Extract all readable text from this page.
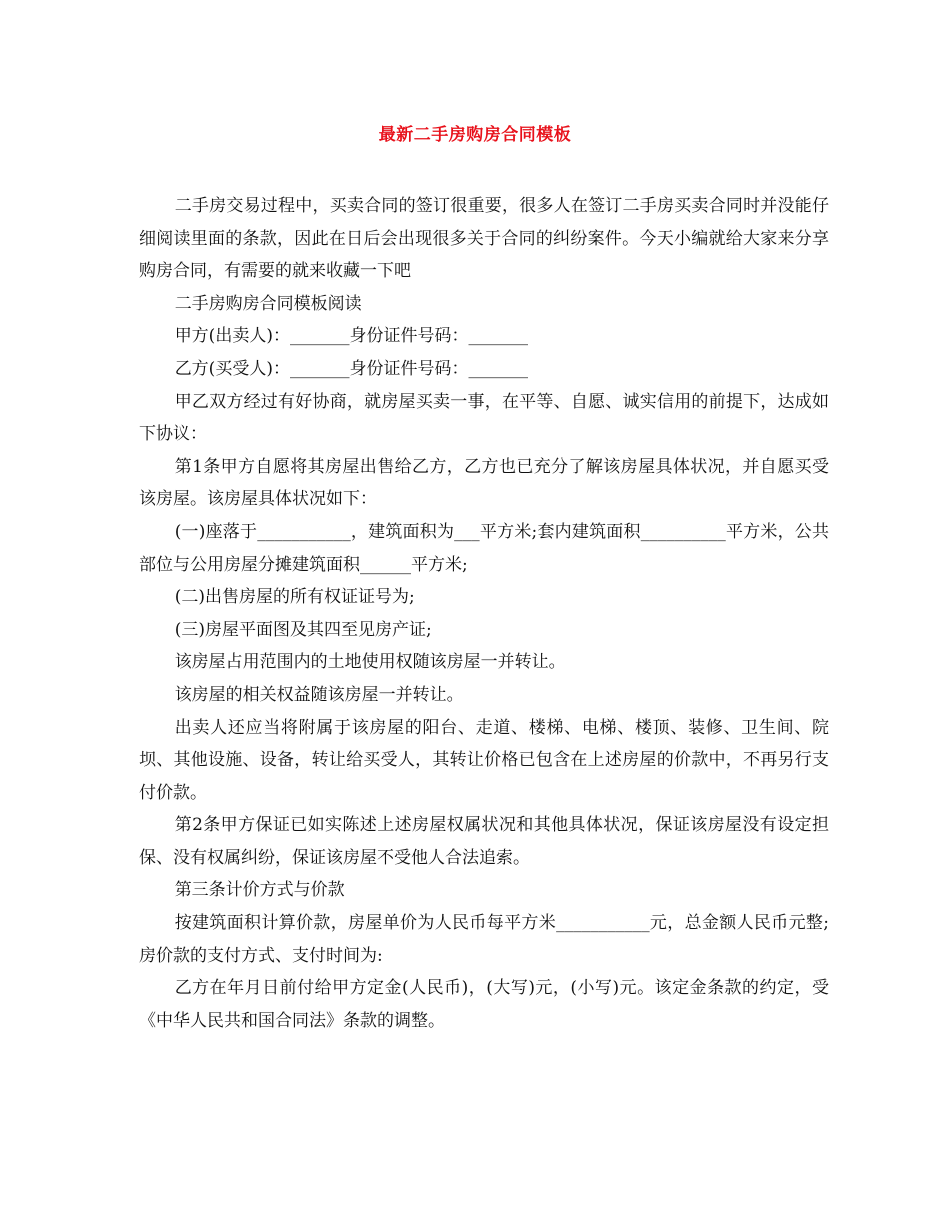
最新二手房购房合同模板

二手房交易过程中，买卖合同的签订很重要，很多人在签订二手房买卖合同时并没能仔细阅读里面的条款，因此在日后会出现很多关于合同的纠纷案件。今天小编就给大家来分享购房合同，有需要的就来收藏一下吧

二手房购房合同模板阅读

甲方(出卖人)：_______身份证件号码：_______

乙方(买受人)：_______身份证件号码：_______

甲乙双方经过有好协商，就房屋买卖一事，在平等、自愿、诚实信用的前提下，达成如下协议：

第1条甲方自愿将其房屋出售给乙方，乙方也已充分了解该房屋具体状况，并自愿买受该房屋。该房屋具体状况如下：

(一)座落于___________，建筑面积为___平方米;套内建筑面积__________平方米，公共部位与公用房屋分摊建筑面积______平方米;

(二)出售房屋的所有权证证号为;

(三)房屋平面图及其四至见房产证;

该房屋占用范围内的土地使用权随该房屋一并转让。

该房屋的相关权益随该房屋一并转让。

出卖人还应当将附属于该房屋的阳台、走道、楼梯、电梯、楼顶、装修、卫生间、院坝、其他设施、设备，转让给买受人，其转让价格已包含在上述房屋的价款中，不再另行支付价款。

第2条甲方保证已如实陈述上述房屋权属状况和其他具体状况，保证该房屋没有设定担保、没有权属纠纷，保证该房屋不受他人合法追索。

第三条计价方式与价款

按建筑面积计算价款，房屋单价为人民币每平方米___________元，总金额人民币元整;房价款的支付方式、支付时间为:

乙方在年月日前付给甲方定金(人民币)，(大写)元，(小写)元。该定金条款的约定，受《中华人民共和国合同法》条款的调整。
